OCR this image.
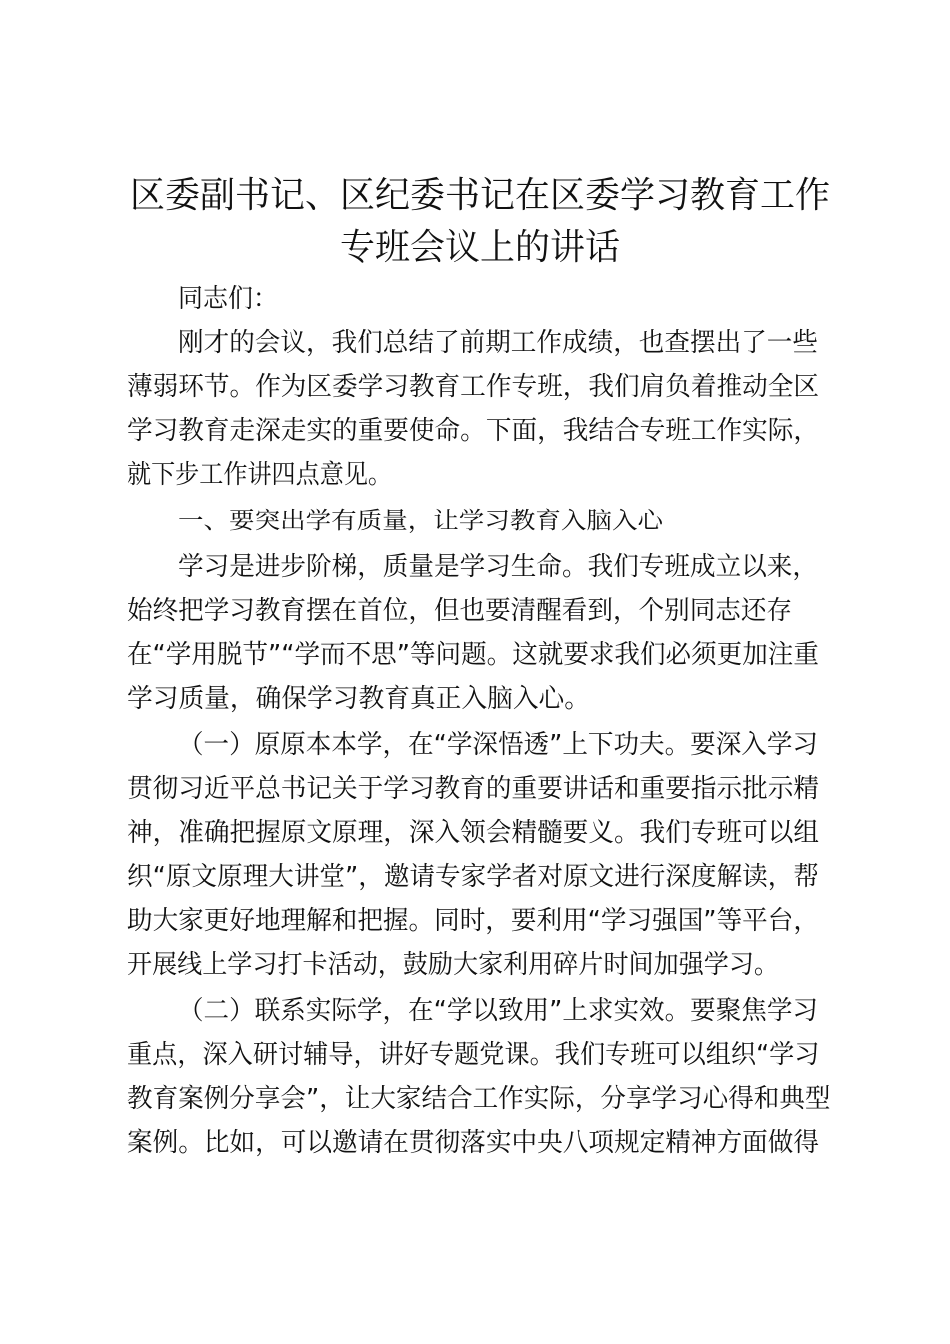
区委副书记、区纪委书记在区委学习教育工作
专班会议上的讲话
同志们：
刚才的会议，我们总结了前期工作成绩，也查摆出了一些
薄弱环节。作为区委学习教育工作专班，我们肩负着推动全区
学习教育走深走实的重要使命。下面，我结合专班工作实际，
就下步工作讲四点意见。
一、要突出学有质量，让学习教育入脑入心
学习是进步阶梯，质量是学习生命。我们专班成立以来，
始终把学习教育摆在首位，但也要清醒看到，个别同志还存
在“学用脱节”“学而不思”等问题。这就要求我们必须更加注重
学习质量，确保学习教育真正入脑入心。
（一）原原本本学，在“学深悟透”上下功夫。要深入学习
贯彻习近平总书记关于学习教育的重要讲话和重要指示批示精
神，准确把握原文原理，深入领会精髓要义。我们专班可以组
织“原文原理大讲堂”，邀请专家学者对原文进行深度解读，帮
助大家更好地理解和把握。同时，要利用“学习强国”等平台，
开展线上学习打卡活动，鼓励大家利用碎片时间加强学习。
（二）联系实际学，在“学以致用”上求实效。要聚焦学习
重点，深入研讨辅导，讲好专题党课。我们专班可以组织“学习
教育案例分享会”，让大家结合工作实际，分享学习心得和典型
案例。比如，可以邀请在贯彻落实中央八项规定精神方面做得
